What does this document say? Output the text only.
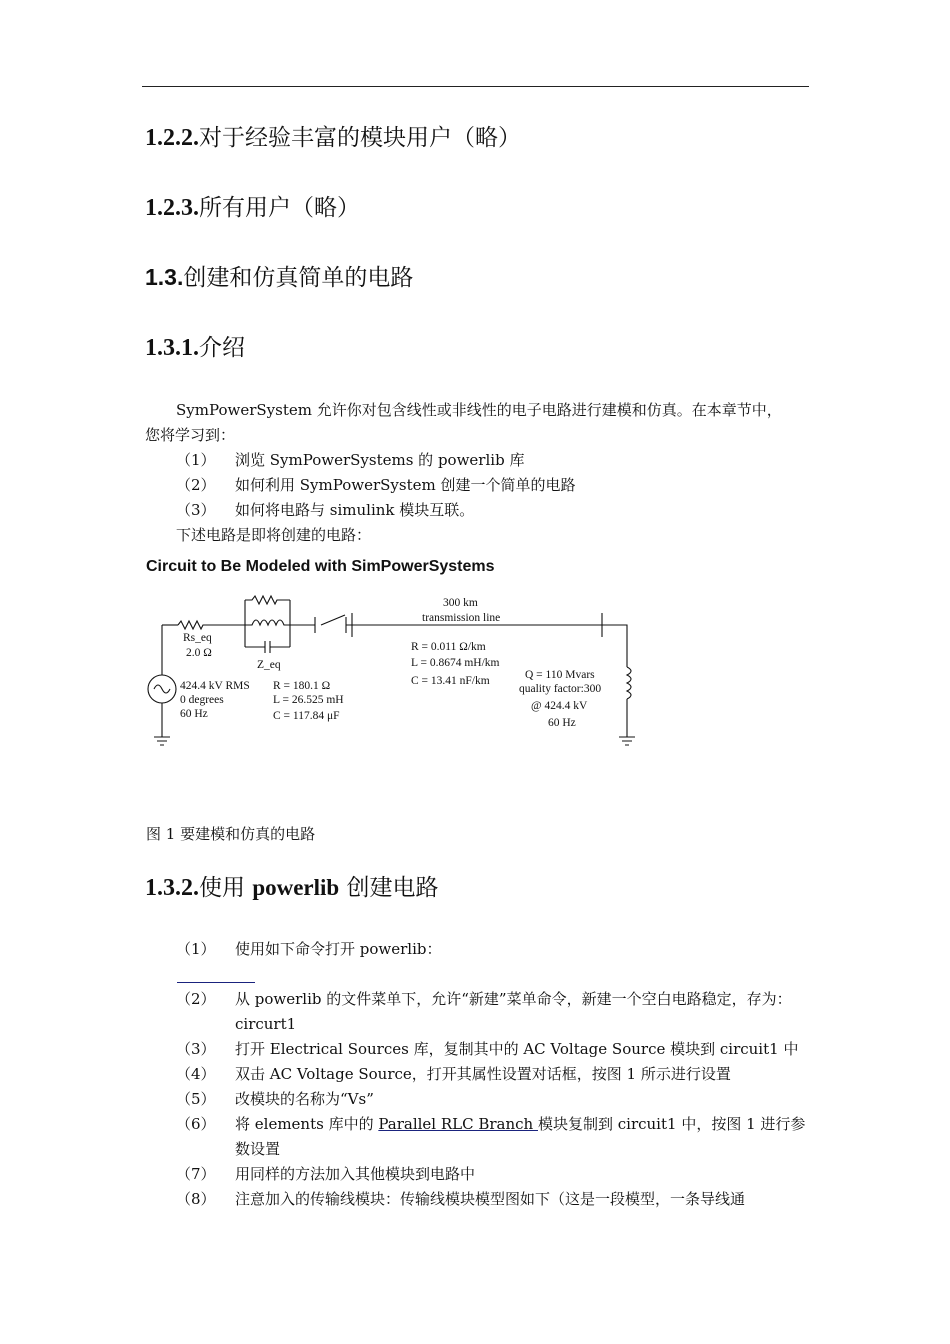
1.2.2.对于经验丰富的模块用户（略）
1.2.3.所有用户（略）
1.3.创建和仿真简单的电路
1.3.1.介绍
SymPowerSystem 允许你对包含线性或非线性的电子电路进行建模和仿真。在本章节中，
您将学习到：
（1） 浏览 SymPowerSystems 的 powerlib 库
（2） 如何利用 SymPowerSystem 创建一个简单的电路
（3） 如何将电路与 simulink 模块互联。
下述电路是即将创建的电路：
Circuit to Be Modeled with SimPowerSystems
Rs_eq
2.0 Ω
Z_eq
424.4 kV RMS
0 degrees
60 Hz
R = 180.1 Ω
L = 26.525 mH
C = 117.84 μF
300 km
transmission line
R = 0.011 Ω/km
L = 0.8674 mH/km
C = 13.41 nF/km	Q = 110 Mvars
quality factor:300
@ 424.4 kV
60 Hz
图 1 要建模和仿真的电路
1.3.2.使用 powerlib 创建电路
（1） 使用如下命令打开 powerlib：
（2） 从 powerlib 的文件菜单下，允许“新建”菜单命令，新建一个空白电路稳定，存为：circurt1
（3） 打开 Electrical Sources 库，复制其中的 AC Voltage Source 模块到 circuit1 中
（4） 双击 AC Voltage Source，打开其属性设置对话框，按图 1 所示进行设置
（5） 改模块的名称为“Vs”
（6） 将 elements 库中的 Parallel RLC Branch 模块复制到 circuit1 中，按图 1 进行参数设置
（7） 用同样的方法加入其他模块到电路中
（8） 注意加入的传输线模块：传输线模块模型图如下（这是一段模型，一条导线通
